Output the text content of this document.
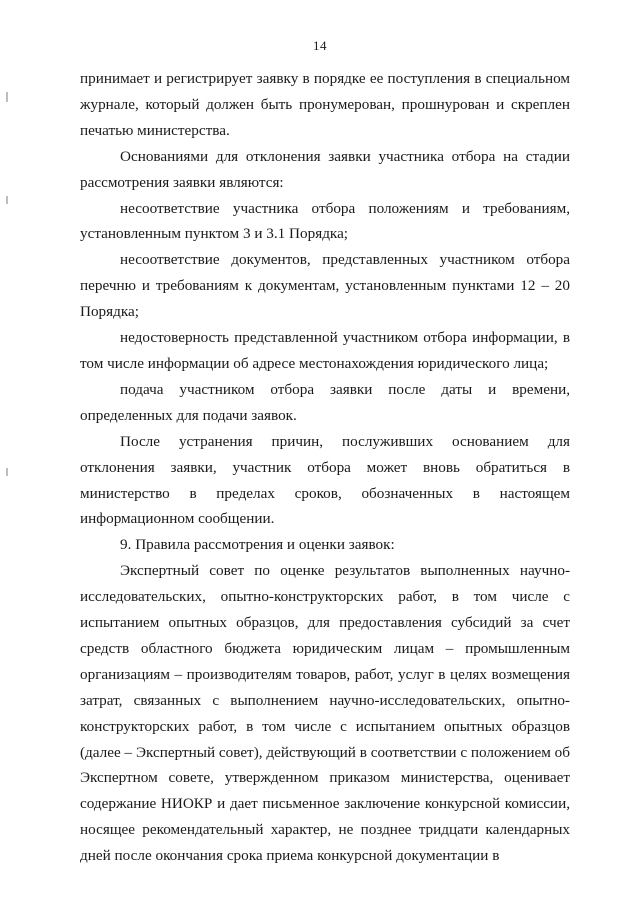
14

принимает и регистрирует заявку в порядке ее поступления в специальном журнале, который должен быть пронумерован, прошнурован и скреплен печатью министерства.

Основаниями для отклонения заявки участника отбора на стадии рассмотрения заявки являются:

несоответствие участника отбора положениям и требованиям, установленным пунктом 3 и 3.1 Порядка;

несоответствие документов, представленных участником отбора перечню и требованиям к документам, установленным пунктами 12 – 20 Порядка;

недостоверность представленной участником отбора информации, в том числе информации об адресе местонахождения юридического лица;

подача участником отбора заявки после даты и времени, определенных для подачи заявок.

После устранения причин, послуживших основанием для отклонения заявки, участник отбора может вновь обратиться в министерство в пределах сроков, обозначенных в настоящем информационном сообщении.

9. Правила рассмотрения и оценки заявок:

Экспертный совет по оценке результатов выполненных научно-исследовательских, опытно-конструкторских работ, в том числе с испытанием опытных образцов, для предоставления субсидий за счет средств областного бюджета юридическим лицам – промышленным организациям – производителям товаров, работ, услуг в целях возмещения затрат, связанных с выполнением научно-исследовательских, опытно-конструкторских работ, в том числе с испытанием опытных образцов (далее – Экспертный совет), действующий в соответствии с положением об Экспертном совете, утвержденном приказом министерства, оценивает содержание НИОКР и дает письменное заключение конкурсной комиссии, носящее рекомендательный характер, не позднее тридцати календарных дней после окончания срока приема конкурсной документации в
